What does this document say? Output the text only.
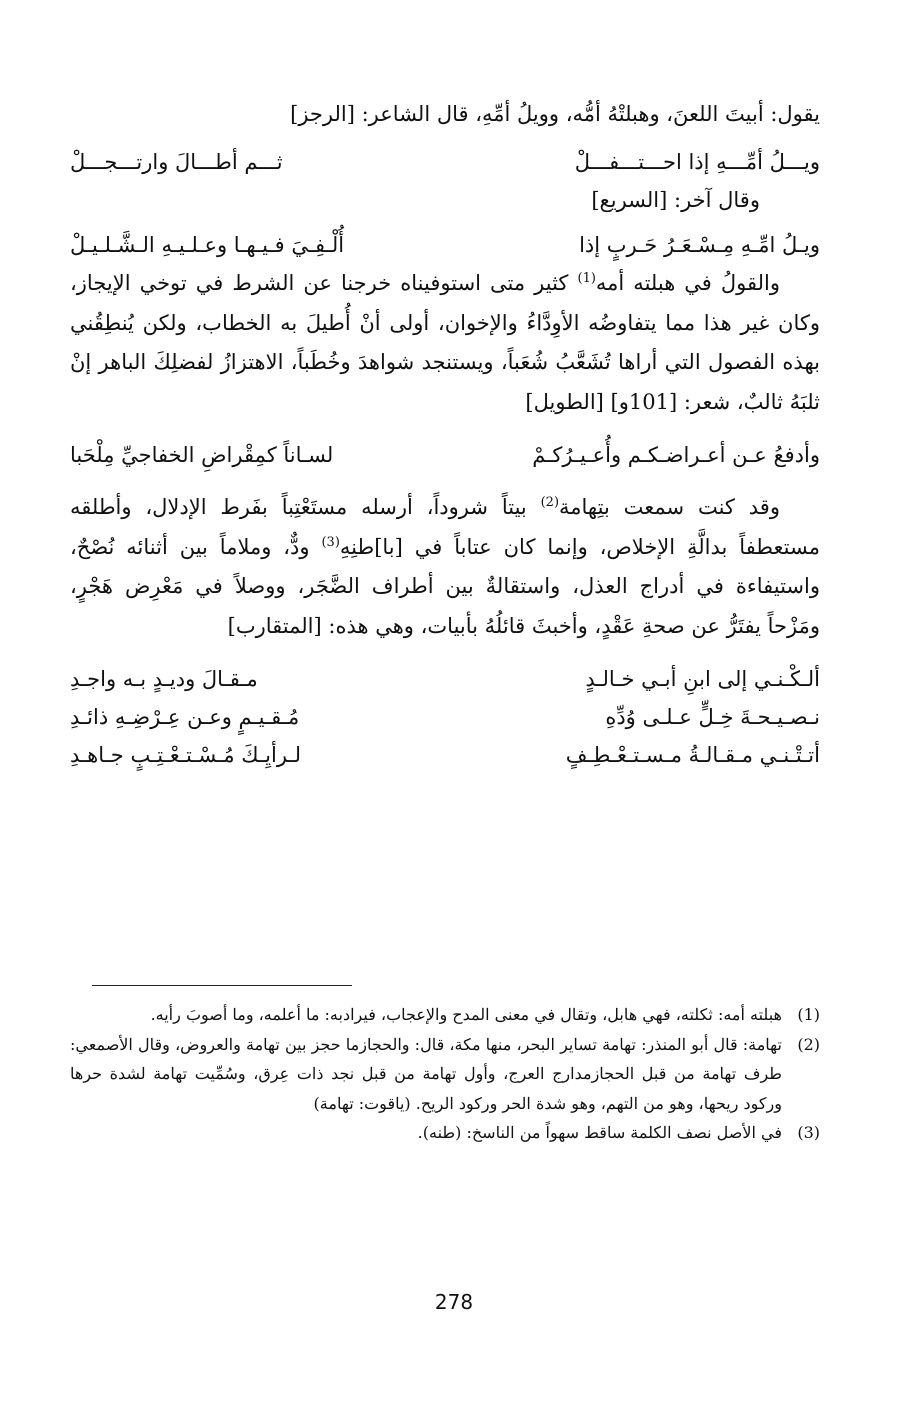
يقول: أبيتَ اللعنَ، وهبلتْهُ أمُّه، وويلُ أمِّهِ، قال الشاعر: [الرجز]

ويـــلُ أمِّـــهِ إذا احـــتـــفـــلْ
ثـــم أطـــالَ وارتـــجـــلْ

وقال آخر: [السريع]

ويـلُ امِّـهِ مِـسْـعَـرُ حَـربٍ إذا
أُلْـفِـيَ فـيـهـا وعـلـيـهِ الـشَّـلـيـلْ

والقولُ في هبلته أمه$^{(1)}$ كثير متى استوفيناه خرجنا عن الشرط في توخي الإيجاز، وكان غير هذا مما يتفاوضُه الأوِدَّاءُ والإخوان، أولى أنْ أُطيلَ به الخطاب، ولكن يُنطِقُني بهذه الفصول التي أراها تُشَعَّبُ شُعَباً، ويستنجد شواهدَ وخُطَباً، الاهتزازُ لفضلِكَ الباهر إنْ ثلبَهُ ثالبٌ، شعر: [101و] [الطويل]

وأدفعُ عـن أعـراضـكـم وأُعـيـرُكـمْ
لسـاناً كمِقْراضِ الخفاجيِّ مِلْحَبا

وقد كنت سمعت بتِهامة$^{(2)}$ بيتاً شروداً، أرسله مستَعْتِباً بفَرط الإدلال، وأطلقه مستعطفاً بدالَّةِ الإخلاص، وإنما كان عتاباً في [با]طنِهِ$^{(3)}$ ودٌّ، وملاماً بين أثنائه نُصْحٌ، واستيفاءة في أدراج العذل، واستقالةٌ بين أطراف الضَّجَر، ووصلاً في مَعْرِض هَجْرٍ، ومَزْحاً يفتَرُّ عن صحةِ عَقْدٍ، وأخبثَ قائلُهُ بأبيات، وهي هذه: [المتقارب]

ألـكْـنـي إلى ابنِ أبـي خـالـدٍ
مـقـالَ وديـدٍ بـه واجـدِ
نـصـيـحـةَ خِـلٍّ عـلـى وُدِّهِ
مُـقـيـمٍ وعـن عِـرْضِـهِ ذائـدِ
أتـتْـنـي مـقـالـةُ مـسـتـعْـطِـفٍ
لـرأيِـكَ مُـسْـتـعْـتِـبٍ جـاهـدِ
(1)
هبلته أمه: ثكلته، فهي هابل، وتقال في معنى المدح والإعجاب، فيرادبه: ما أعلمه، وما أصوبَ رأيه.
(2)
تهامة: قال أبو المنذر: تهامة تساير البحر، منها مكة، قال: والحجازما حجز بين تهامة والعروض، وقال الأصمعي: طرف تهامة من قبل الحجازمدارج العرج، وأول تهامة من قبل نجد ذات عِرق، وسُمِّيت تهامة لشدة حرها وركود ريحها، وهو من التهم، وهو شدة الحر وركود الريح. (ياقوت: تهامة)
(3)
في الأصل نصف الكلمة ساقط سهواً من الناسخ: (طنه).
278
